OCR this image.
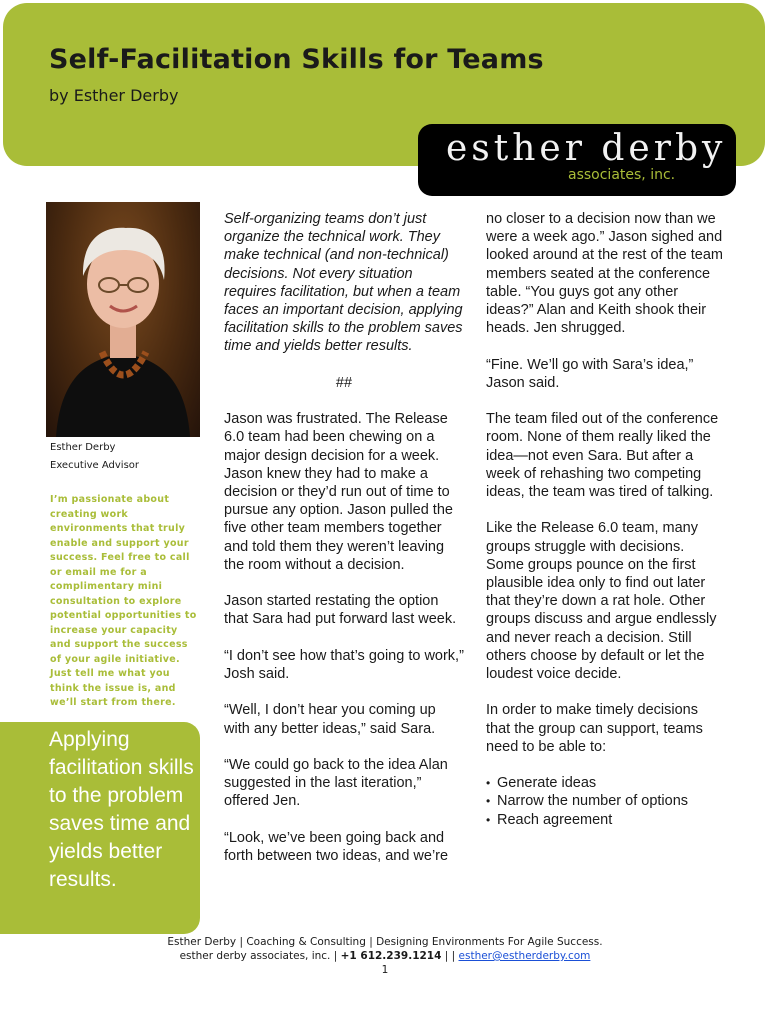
Self-Facilitation Skills for Teams
by Esther Derby
esther derby
associates, inc.
Esther Derby
Executive Advisor
I’m passionate about creating work environments that truly enable and support your success. Feel free to call or email me for a complimentary mini consultation to explore potential opportunities to increase your capacity and support the success of your agile initiative. Just tell me what you think the issue is, and we’ll start from there.
Applying facilitation skills to the problem saves time and yields better results.

Self-organizing teams don’t just organize the technical work. They make technical (and non-technical) decisions. Not every situation requires facilitation, but when a team faces an important decision, applying facilitation skills to the problem saves time and yields better results.

##

Jason was frustrated. The Release 6.0 team had been chewing on a major design decision for a week. Jason knew they had to make a decision or they’d run out of time to pursue any option. Jason pulled the five other team members together and told them they weren’t leaving the room without a decision.

Jason started restating the option that Sara had put forward last week.

“I don’t see how that’s going to work,” Josh said.

“Well, I don’t hear you coming up with any better ideas,” said Sara.

“We could go back to the idea Alan suggested in the last iteration,” offered Jen.

“Look, we’ve been going back and forth between two ideas, and we’re

no closer to a decision now than we were a week ago.” Jason sighed and looked around at the rest of the team members seated at the conference table. “You guys got any other ideas?” Alan and Keith shook their heads. Jen shrugged.

“Fine. We’ll go with Sara’s idea,” Jason said.

The team filed out of the conference room. None of them really liked the idea—not even Sara. But after a week of rehashing two competing ideas, the team was tired of talking.

Like the Release 6.0 team, many groups struggle with decisions. Some groups pounce on the first plausible idea only to find out later that they’re down a rat hole. Other groups discuss and argue endlessly and never reach a decision. Still others choose by default or let the loudest voice decide.

In order to make timely decisions that the group can support, teams need to be able to:

• Generate ideas
• Narrow the number of options
• Reach agreement
Esther Derby | Coaching & Consulting | Designing Environments For Agile Success.
esther derby associates, inc. | +1 612.239.1214 | | esther@estherderby.com
1
